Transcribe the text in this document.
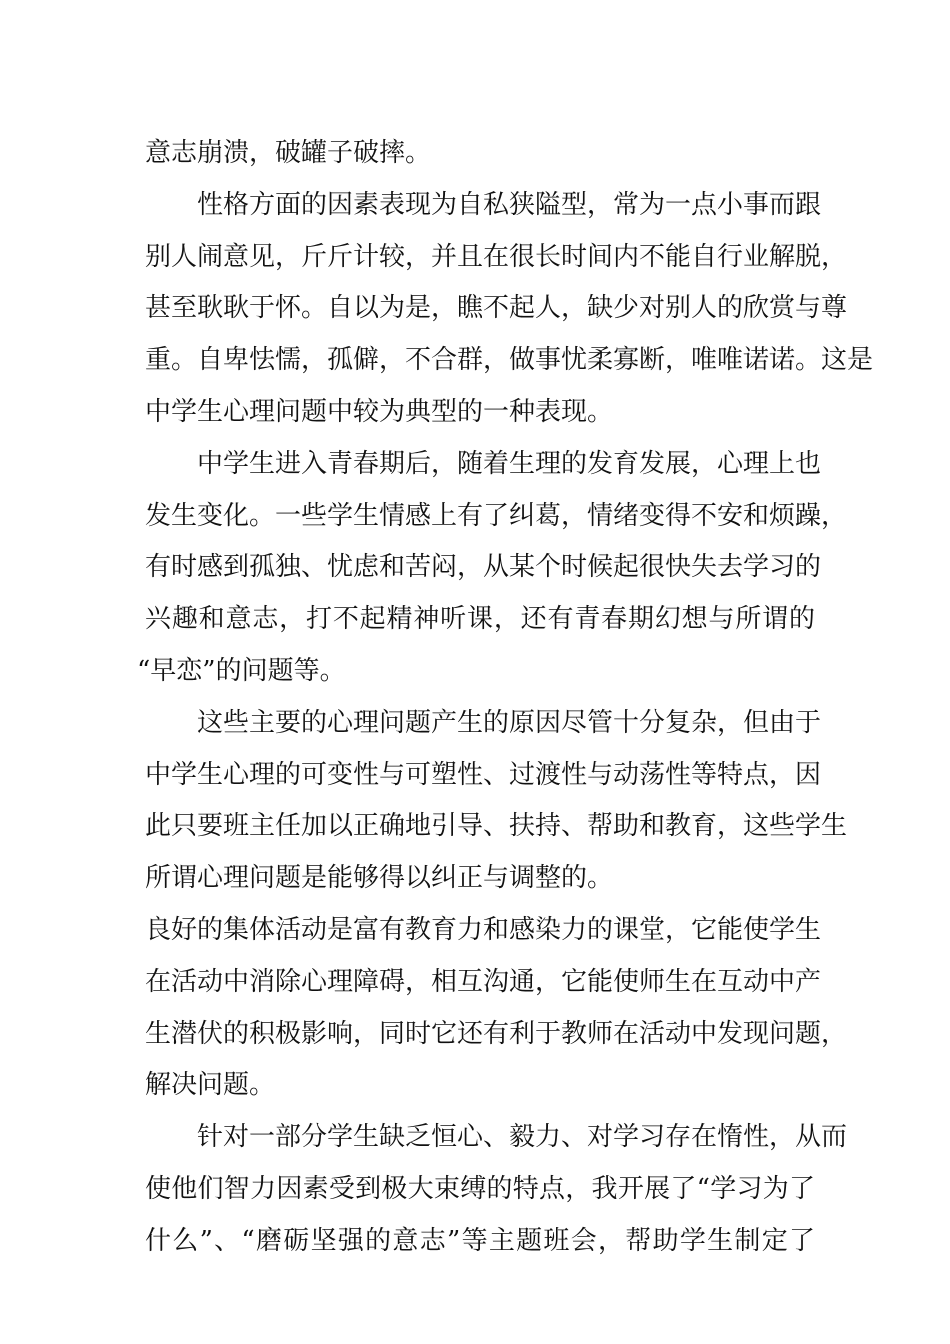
意志崩溃，破罐子破摔。
性格方面的因素表现为自私狭隘型，常为一点小事而跟
别人闹意见，斤斤计较，并且在很长时间内不能自行业解脱，
甚至耿耿于怀。自以为是，瞧不起人，缺少对别人的欣赏与尊
重。自卑怯懦，孤僻，不合群，做事忧柔寡断，唯唯诺诺。这是
中学生心理问题中较为典型的一种表现。
中学生进入青春期后，随着生理的发育发展，心理上也
发生变化。一些学生情感上有了纠葛，情绪变得不安和烦躁，
有时感到孤独、忧虑和苦闷，从某个时候起很快失去学习的
兴趣和意志，打不起精神听课，还有青春期幻想与所谓的
“早恋”的问题等。
这些主要的心理问题产生的原因尽管十分复杂，但由于
中学生心理的可变性与可塑性、过渡性与动荡性等特点，因
此只要班主任加以正确地引导、扶持、帮助和教育，这些学生
所谓心理问题是能够得以纠正与调整的。
良好的集体活动是富有教育力和感染力的课堂，它能使学生
在活动中消除心理障碍，相互沟通，它能使师生在互动中产
生潜伏的积极影响，同时它还有利于教师在活动中发现问题，
解决问题。
针对一部分学生缺乏恒心、毅力、对学习存在惰性，从而
使他们智力因素受到极大束缚的特点，我开展了“学习为了
什么”、“磨砺坚强的意志”等主题班会，帮助学生制定了
